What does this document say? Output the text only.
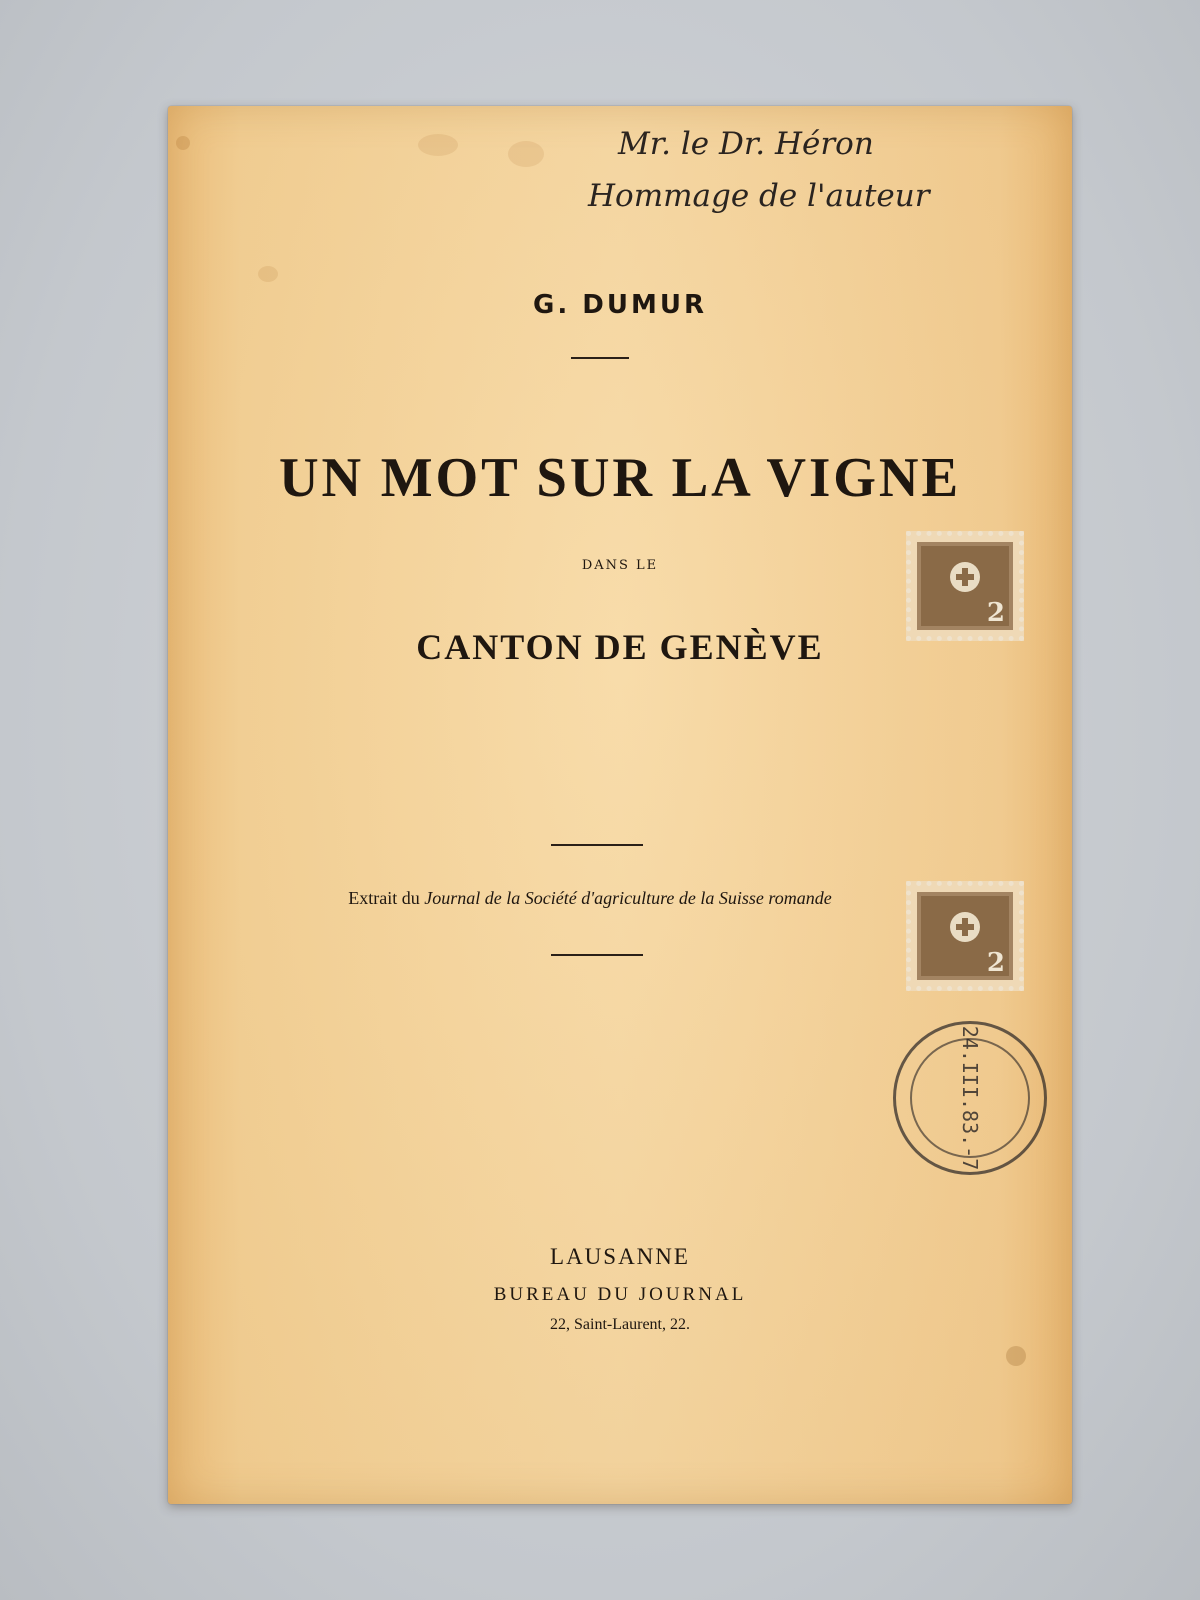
Mr. le Dr. Héron
Hommage de l'auteur
G. DUMUR
UN MOT SUR LA VIGNE
DANS LE
CANTON DE GENÈVE
Extrait du Journal de la Société d'agriculture de la Suisse romande
LAUSANNE
BUREAU DU JOURNAL
22, Saint-Laurent, 22.
2
2
24.III.83.-7
